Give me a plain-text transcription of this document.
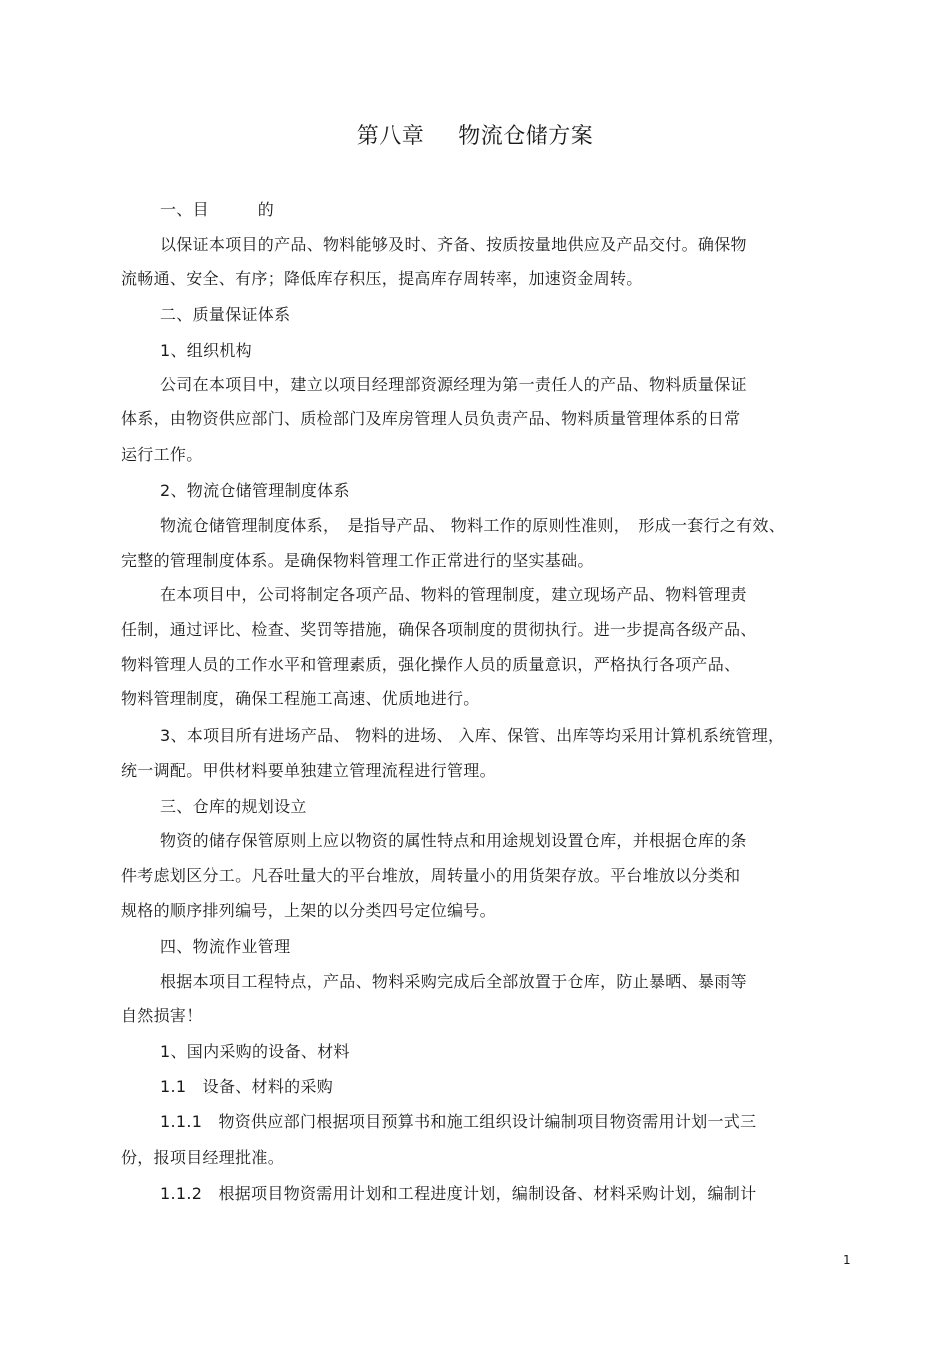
第八章 物流仓储方案
一、目　　　的
以保证本项目的产品、物料能够及时、齐备、按质按量地供应及产品交付。确保物
流畅通、安全、有序；降低库存积压，提高库存周转率，加速资金周转。
二、质量保证体系
1、组织机构
公司在本项目中，建立以项目经理部资源经理为第一责任人的产品、物料质量保证
体系，由物资供应部门、质检部门及库房管理人员负责产品、物料质量管理体系的日常
运行工作。
2、物流仓储管理制度体系
物流仓储管理制度体系，　是指导产品、 物料工作的原则性准则，　形成一套行之有效、
完整的管理制度体系。是确保物料管理工作正常进行的坚实基础。
在本项目中，公司将制定各项产品、物料的管理制度，建立现场产品、物料管理责
任制，通过评比、检查、奖罚等措施，确保各项制度的贯彻执行。进一步提高各级产品、
物料管理人员的工作水平和管理素质，强化操作人员的质量意识，严格执行各项产品、
物料管理制度，确保工程施工高速、优质地进行。
3、本项目所有进场产品、 物料的进场、 入库、保管、出库等均采用计算机系统管理，
统一调配。甲供材料要单独建立管理流程进行管理。
三、仓库的规划设立
物资的储存保管原则上应以物资的属性特点和用途规划设置仓库，并根据仓库的条
件考虑划区分工。凡吞吐量大的平台堆放，周转量小的用货架存放。平台堆放以分类和
规格的顺序排列编号，上架的以分类四号定位编号。
四、物流作业管理
根据本项目工程特点，产品、物料采购完成后全部放置于仓库，防止暴晒、暴雨等
自然损害！
1、国内采购的设备、材料
1.1　设备、材料的采购
1.1.1　物资供应部门根据项目预算书和施工组织设计编制项目物资需用计划一式三
份，报项目经理批准。
1.1.2　根据项目物资需用计划和工程进度计划，编制设备、材料采购计划，编制计
1
